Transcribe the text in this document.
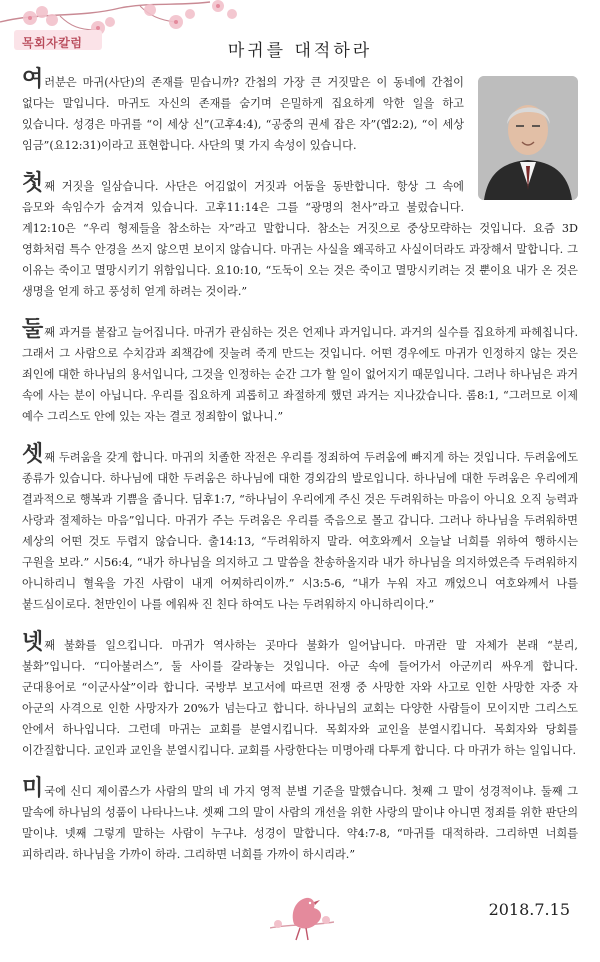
목회자칼럼	마귀를 대적하라

여러분은 마귀(사단)의 존재를 믿습니까? 간첩의 가장 큰 거짓말은 이 동네에 간첩이 없다는 말입니다. 마귀도 자신의 존재를 숨기며 은밀하게 집요하게 악한 일을 하고 있습니다. 성경은 마귀를 “이 세상 신”(고후4:4), “공중의 권세 잡은 자”(엡2:2), “이 세상 임금”(요12:31)이라고 표현합니다. 사단의 몇 가지 속성이 있습니다.

첫째 거짓을 일삼습니다. 사단은 어김없이 거짓과 어둠을 동반합니다. 항상 그 속에 음모와 속임수가 숨겨져 있습니다. 고후11:14은 그를 “광명의 천사”라고 불렀습니다. 계12:10은 “우리 형제들을 참소하는 자”라고 말합니다. 참소는 거짓으로 중상모략하는 것입니다. 요즘 3D 영화처럼 특수 안경을 쓰지 않으면 보이지 않습니다. 마귀는 사실을 왜곡하고 사실이더라도 과장해서 말합니다. 그 이유는 죽이고 멸망시키기 위함입니다. 요10:10, “도둑이 오는 것은 죽이고 멸망시키려는 것 뿐이요 내가 온 것은 생명을 얻게 하고 풍성히 얻게 하려는 것이라.”

둘째 과거를 붙잡고 늘어집니다. 마귀가 관심하는 것은 언제나 과거입니다. 과거의 실수를 집요하게 파헤칩니다. 그래서 그 사람으로 수치감과 죄책감에 짓눌려 죽게 만드는 것입니다. 어떤 경우에도 마귀가 인정하지 않는 것은 죄인에 대한 하나님의 용서입니다, 그것을 인정하는 순간 그가 할 일이 없어지기 때문입니다. 그러나 하나님은 과거 속에 사는 분이 아닙니다. 우리를 집요하게 괴롭히고 좌절하게 했던 과거는 지나갔습니다. 롬8:1, “그러므로 이제 예수 그리스도 안에 있는 자는 결코 정죄함이 없나니.”

셋째 두려움을 갖게 합니다. 마귀의 치졸한 작전은 우리를 정죄하여 두려움에 빠지게 하는 것입니다. 두려움에도 종류가 있습니다. 하나님에 대한 두려움은 하나님에 대한 경외감의 발로입니다. 하나님에 대한 두려움은 우리에게 결과적으로 행복과 기쁨을 줍니다. 딤후1:7, “하나님이 우리에게 주신 것은 두려워하는 마음이 아니요 오직 능력과 사랑과 절제하는 마음”입니다. 마귀가 주는 두려움은 우리를 죽음으로 몰고 갑니다. 그러나 하나님을 두려워하면 세상의 어떤 것도 두렵지 않습니다. 출14:13, “두려워하지 말라. 여호와께서 오늘날 너희를 위하여 행하시는 구원을 보라.” 시56:4, “내가 하나님을 의지하고 그 말씀을 찬송하올지라 내가 하나님을 의지하였은즉 두려워하지 아니하리니 혈육을 가진 사람이 내게 어찌하리이까.” 시3:5-6, “내가 누워 자고 깨었으니 여호와께서 나를 붙드심이로다. 천만인이 나를 에워싸 진 친다 하여도 나는 두려워하지 아니하리이다.”

넷째 불화를 일으킵니다. 마귀가 역사하는 곳마다 불화가 일어납니다. 마귀란 말 자체가 본래 “분리, 불화”입니다. “디아불러스”, 둘 사이를 갈라놓는 것입니다. 아군 속에 들어가서 아군끼리 싸우게 합니다. 군대용어로 “이군사살”이라 합니다. 국방부 보고서에 따르면 전쟁 중 사망한 자와 사고로 인한 사망한 자중 자 아군의 사격으로 인한 사망자가 20%가 넘는다고 합니다. 하나님의 교회는 다양한 사람들이 모이지만 그리스도 안에서 하나입니다. 그런데 마귀는 교회를 분열시킵니다. 목회자와 교인을 분열시킵니다. 목회자와 당회를 이간질합니다. 교인과 교인을 분열시킵니다. 교회를 사랑한다는 미명아래 다투게 합니다. 다 마귀가 하는 일입니다.

미국에 신디 제이콥스가 사람의 말의 네 가지 영적 분별 기준을 말했습니다. 첫째 그 말이 성경적이냐. 둘째 그 말속에 하나님의 성품이 나타나느냐. 셋째 그의 말이 사람의 개선을 위한 사랑의 말이냐 아니면 정죄를 위한 판단의 말이냐. 넷째 그렇게 말하는 사람이 누구냐. 성경이 말합니다. 약4:7-8, “마귀를 대적하라. 그리하면 너희를 피하리라. 하나님을 가까이 하라. 그리하면 너희를 가까이 하시리라.”

2018.7.15
